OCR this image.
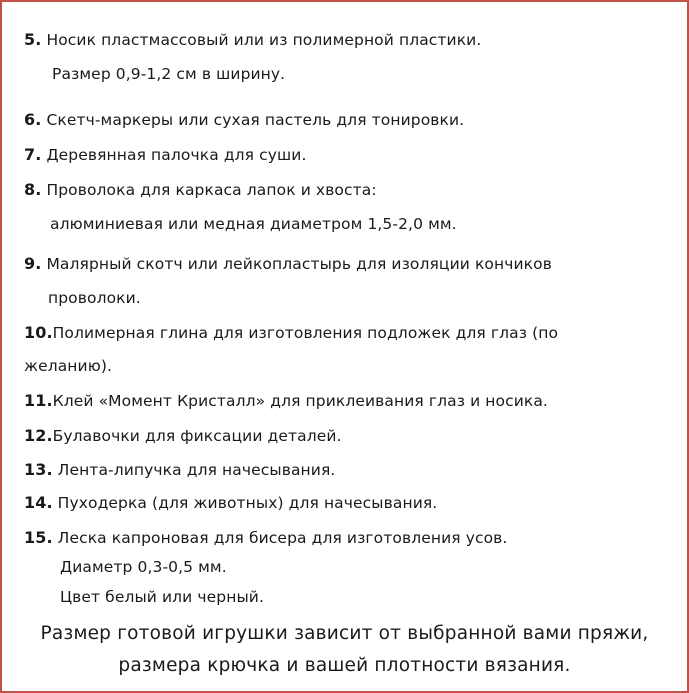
5. Носик пластмассовый или из полимерной пластики.
Размер 0,9-1,2 см в ширину.
6. Скетч-маркеры или сухая пастель для тонировки.
7. Деревянная палочка для суши.
8. Проволока для каркаса лапок и хвоста:
алюминиевая или медная диаметром 1,5-2,0 мм.
9. Малярный скотч или лейкопластырь для изоляции кончиков
проволоки.
10.Полимерная глина для изготовления подложек для глаз (по
желанию).
11.Клей «Момент Кристалл» для приклеивания глаз и носика.
12.Булавочки для фиксации деталей.
13. Лента-липучка для начесывания.
14. Пуходерка (для животных) для начесывания.
15. Леска капроновая для бисера для изготовления усов.
Диаметр 0,3-0,5 мм.
Цвет белый или черный.
Размер готовой игрушки зависит от выбранной вами пряжи,
размера крючка и вашей плотности вязания.
